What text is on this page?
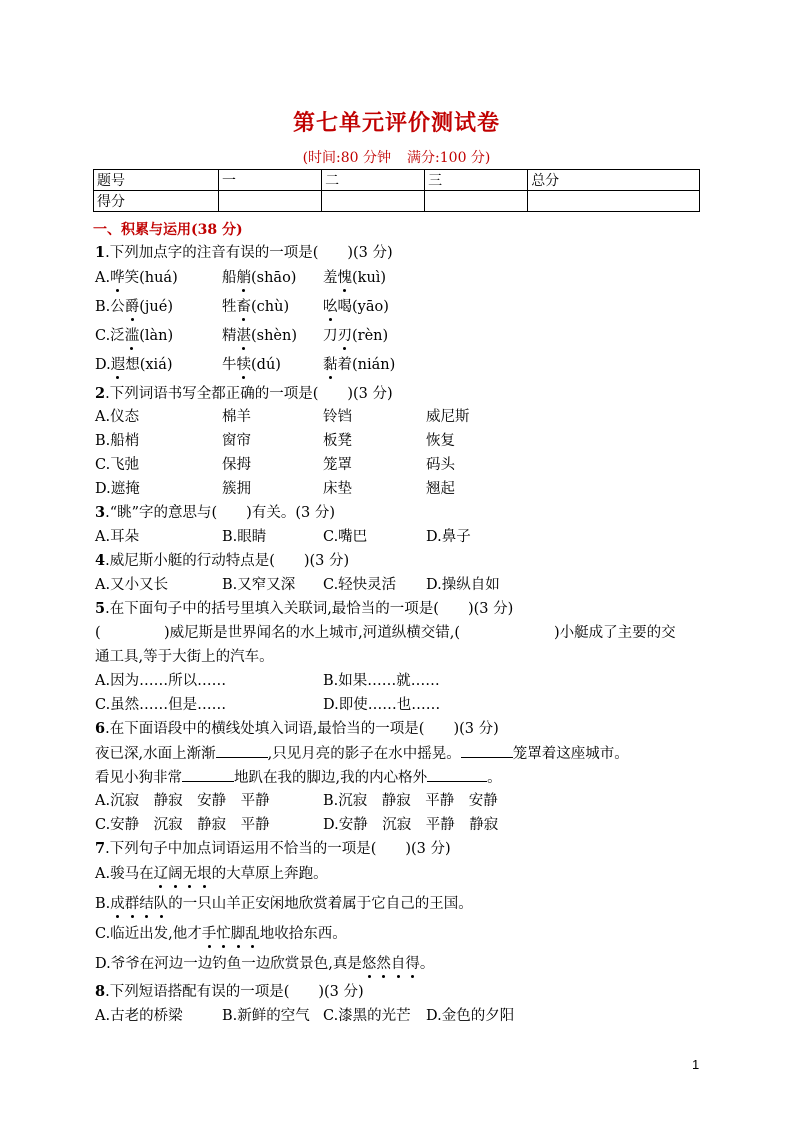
第七单元评价测试卷
(时间:80 分钟 满分:100 分)
题号	一	二	三	总分
得分				
一、积累与运用(38 分)
1.下列加点字的注音有误的一项是(　　)(3 分)
A.哗笑(huá)	船艄(shāo) 羞愧(kuì)
B.公爵(jué)	牲畜(chù) 吆喝(yāo)
C.泛滥(làn)	精湛(shèn) 刀刃(rèn)
D.遐想(xiá)	牛犊(dú)	黏着(nián)
2.下列词语书写全都正确的一项是(　　)(3 分)
A.仪态	棉羊	铃铛	威尼斯
B.船梢	窗帘	板凳	恢复
C.飞弛	保拇	笼罩	码头
D.遮掩	簇拥	床垫	翘起
3.“眺”字的意思与(　　)有关。(3 分)
A.耳朵	B.眼睛	C.嘴巴	D.鼻子
4.威尼斯小艇的行动特点是(　　)(3 分)
A.又小又长	B.又窄又深 C.轻快灵活 D.操纵自如
5.在下面句子中的括号里填入关联词,最恰当的一项是(　　)(3 分)
(	)威尼斯是世界闻名的水上城市,河道纵横交错,(	)小艇成了主要的交
通工具,等于大街上的汽车。
A.因为……所以……	B.如果……就……
C.虽然……但是……	D.即使……也……
6.在下面语段中的横线处填入词语,最恰当的一项是(　　)(3 分)
夜已深,水面上渐渐	,只见月亮的影子在水中摇晃。	笼罩着这座城市。
看见小狗非常	地趴在我的脚边,我的内心格外	。
A.沉寂　静寂　安静　平静	B.沉寂　静寂　平静　安静
C.安静　沉寂　静寂　平静	D.安静　沉寂　平静　静寂
7.下列句子中加点词语运用不恰当的一项是(　　)(3 分)
A.骏马在辽阔无垠的大草原上奔跑。
B.成群结队的一只山羊正安闲地欣赏着属于它自己的王国。
C.临近出发,他才手忙脚乱地收拾东西。
D.爷爷在河边一边钓鱼一边欣赏景色,真是悠然自得。
8.下列短语搭配有误的一项是(　　)(3 分)
A.古老的桥梁	B.新鲜的空气 C.漆黑的光芒 D.金色的夕阳
1
